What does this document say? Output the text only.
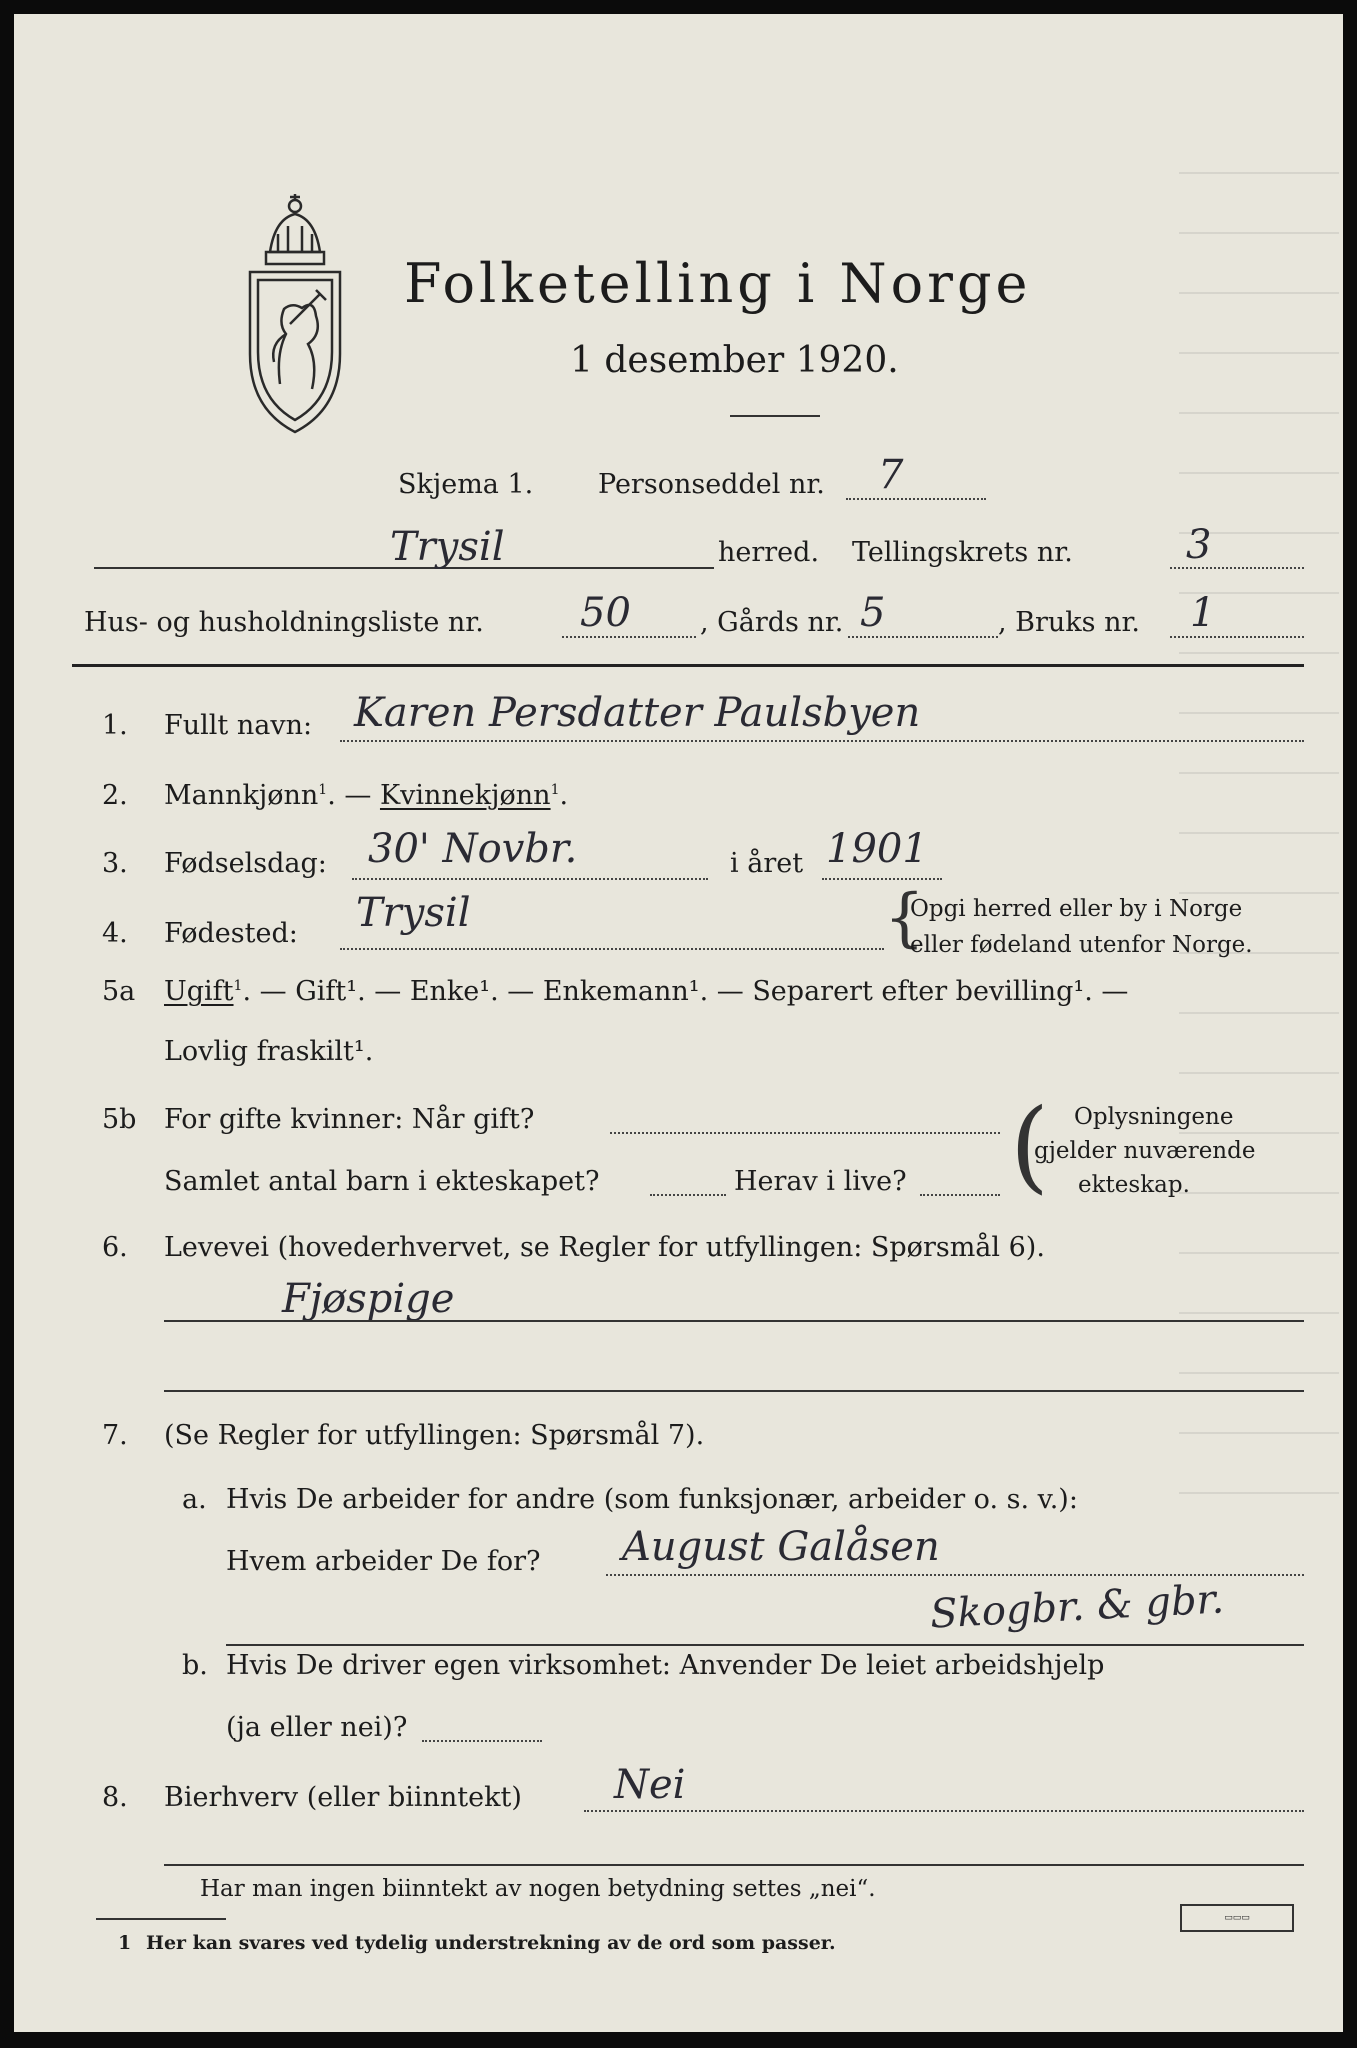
Folketelling i Norge
1 desember 1920.
Skjema 1. Personseddel nr. 7
Trysil	herred. Tellingskrets nr.	3
Hus- og husholdningsliste nr. 50	, Gårds nr. 5	, Bruks nr. 1
1. Fullt navn: Karen Persdatter Paulsbyen
2. Mannkjønn$^1$. — Kvinnekjønn$^1$.
3. Fødselsdag: 30' Novbr.	i året 1901
4. Fødested: Trysil	{
Opgi herred eller by i Norge
eller fødeland utenfor Norge.
5a Ugift$^1$. — Gift¹. — Enke¹. — Enkemann¹. — Separert efter bevilling¹. —
Lovlig fraskilt¹.
5b For gifte kvinner: Når gift?
Samlet antal barn i ekteskapet?	Herav i live? ( Oplysningene
gjelder nuværende
ekteskap.
6. Levevei (hovederhvervet, se Regler for utfyllingen: Spørsmål 6).
Fjøspige
7. (Se Regler for utfyllingen: Spørsmål 7).
a. Hvis De arbeider for andre (som funksjonær, arbeider o. s. v.):
Hvem arbeider De for? August Galåsen
Skogbr. & gbr.
b. Hvis De driver egen virksomhet: Anvender De leiet arbeidshjelp
(ja eller nei)?
8. Bierhverv (eller biinntekt) Nei
Har man ingen biinntekt av nogen betydning settes „nei“.
1 Her kan svares ved tydelig understrekning av de ord som passer.
▭▭▭
